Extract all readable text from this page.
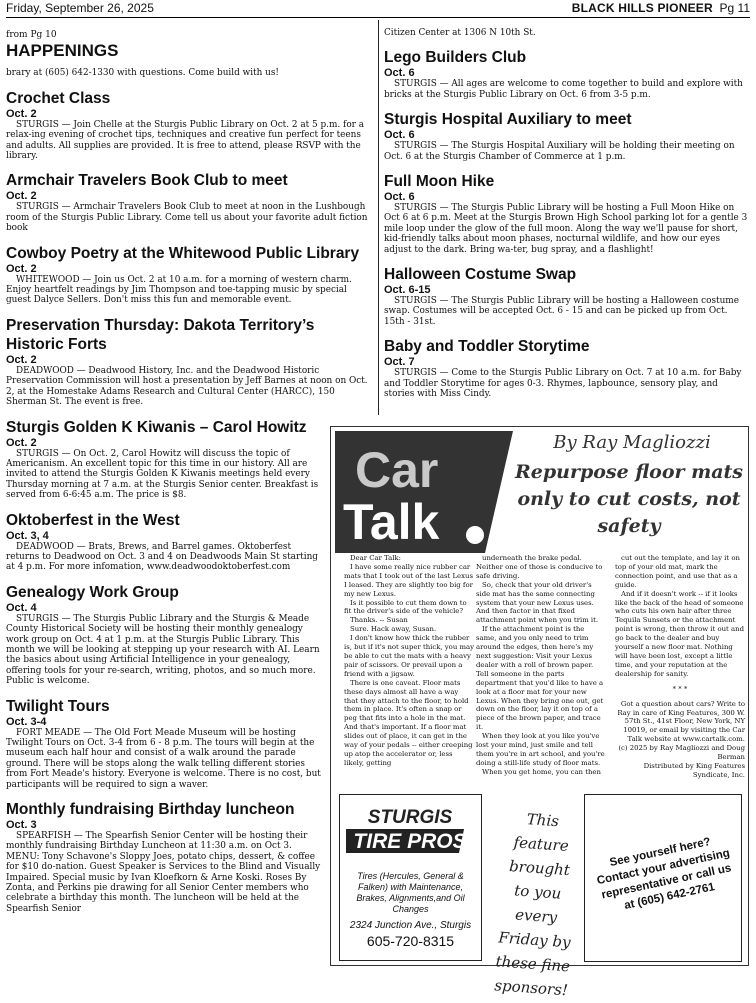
Friday, September 26, 2025	BLACK HILLS PIONEER Pg 11
from Pg 10
HAPPENINGS

brary at (605) 642-1330 with questions. Come build with us!

Crochet Class
Oct. 2

STURGIS — Join Chelle at the Sturgis Public Library on Oct. 2 at 5 p.m. for a relax-ing evening of crochet tips, techniques and creative fun perfect for teens and adults. All supplies are provided. It is free to attend, please RSVP with the library.

Armchair Travelers Book Club to meet
Oct. 2

STURGIS — Armchair Travelers Book Club to meet at noon in the Lushbough room of the Sturgis Public Library. Come tell us about your favorite adult fiction book

Cowboy Poetry at the Whitewood Public Library
Oct. 2

WHITEWOOD — Join us Oct. 2 at 10 a.m. for a morning of western charm. Enjoy heartfelt readings by Jim Thompson and toe-tapping music by special guest Dalyce Sellers. Don't miss this fun and memorable event.

Preservation Thursday: Dakota Territory’s Historic Forts
Oct. 2

DEADWOOD — Deadwood History, Inc. and the Deadwood Historic Preservation Commission will host a presentation by Jeff Barnes at noon on Oct. 2, at the Homestake Adams Research and Cultural Center (HARCC), 150 Sherman St. The event is free.

Sturgis Golden K Kiwanis – Carol Howitz
Oct. 2

STURGIS — On Oct. 2, Carol Howitz will discuss the topic of Americanism. An excellent topic for this time in our history. All are invited to attend the Sturgis Golden K Kiwanis meetings held every Thursday morning at 7 a.m. at the Sturgis Senior center. Breakfast is served from 6-6:45 a.m. The price is $8.

Oktoberfest in the West
Oct. 3, 4

DEADWOOD — Brats, Brews, and Barrel games. Oktoberfest returns to Deadwood on Oct. 3 and 4 on Deadwoods Main St starting at 4 p.m. For more infomation, www.deadwoodoktoberfest.com

Genealogy Work Group
Oct. 4

STURGIS — The Sturgis Public Library and the Sturgis & Meade County Historical Society will be hosting their monthly genealogy work group on Oct. 4 at 1 p.m. at the Sturgis Public Library. This month we will be looking at stepping up your research with AI. Learn the basics about using Artificial Intelligence in your genealogy, offering tools for your re-search, writing, photos, and so much more. Public is welcome.

Twilight Tours
Oct. 3-4

FORT MEADE — The Old Fort Meade Museum will be hosting Twilight Tours on Oct. 3-4 from 6 - 8 p.m. The tours will begin at the museum each half hour and consist of a walk around the parade ground. There will be stops along the walk telling different stories from Fort Meade's history. Everyone is welcome. There is no cost, but participants will be required to sign a waver.

Monthly fundraising Birthday luncheon
Oct. 3

SPEARFISH — The Spearfish Senior Center will be hosting their monthly fundraising Birthday Luncheon at 11:30 a.m. on Oct 3. MENU: Tony Schavone's Sloppy Joes, potato chips, dessert, & coffee for $10 do-nation. Guest Speaker is Services to the Blind and Visually Impaired. Special music by Ivan Kloefkorn & Arne Koski. Roses By Zonta, and Perkins pie drawing for all Senior Center members who celebrate a birthday this month. The luncheon will be held at the Spearfish Senior

Citizen Center at 1306 N 10th St.

Lego Builders Club
Oct. 6

STURGIS — All ages are welcome to come together to build and explore with bricks at the Sturgis Public Library on Oct. 6 from 3-5 p.m.

Sturgis Hospital Auxiliary to meet
Oct. 6

STURGIS — The Sturgis Hospital Auxiliary will be holding their meeting on Oct. 6 at the Sturgis Chamber of Commerce at 1 p.m.

Full Moon Hike
Oct. 6

STURGIS — The Sturgis Public Library will be hosting a Full Moon Hike on Oct 6 at 6 p.m. Meet at the Sturgis Brown High School parking lot for a gentle 3 mile loop under the glow of the full moon. Along the way we'll pause for short, kid-friendly talks about moon phases, nocturnal wildlife, and how our eyes adjust to the dark. Bring wa-ter, bug spray, and a flashlight!

Halloween Costume Swap
Oct. 6-15

STURGIS — The Sturgis Public Library will be hosting a Halloween costume swap. Costumes will be accepted Oct. 6 - 15 and can be picked up from Oct. 15th - 31st.

Baby and Toddler Storytime
Oct. 7

STURGIS — Come to the Sturgis Public Library on Oct. 7 at 10 a.m. for Baby and Toddler Storytime for ages 0-3. Rhymes, lapbounce, sensory play, and stories with Miss Cindy.

Car
Talk
By Ray Magliozzi
Repurpose floor mats only to cut costs, not safety

Dear Car Talk:

I have some really nice rubber car mats that I took out of the last Lexus I leased. They are slightly too big for my new Lexus.

Is it possible to cut them down to fit the driver's side of the vehicle?

Thanks. -- Susan

Sure. Hack away, Susan.

I don't know how thick the rubber is, but if it's not super thick, you may be able to cut the mats with a heavy pair of scissors. Or prevail upon a friend with a jigsaw.

There is one caveat. Floor mats these days almost all have a way that they attach to the floor, to hold them in place. It's often a snap or peg that fits into a hole in the mat. And that's important. If a floor mat slides out of place, it can get in the way of your pedals -- either creeping up atop the accelerator or, less likely, getting

underneath the brake pedal. Neither one of those is conducive to safe driving.

So, check that your old driver's side mat has the same connecting system that your new Lexus uses. And then factor in that fixed attachment point when you trim it.

If the attachment point is the same, and you only need to trim around the edges, then here's my next suggestion: Visit your Lexus dealer with a roll of brown paper. Tell someone in the parts department that you'd like to have a look at a floor mat for your new Lexus. When they bring one out, get down on the floor, lay it on top of a piece of the brown paper, and trace it.

When they look at you like you've lost your mind, just smile and tell them you're in art school, and you're doing a still-life study of floor mats.

When you get home, you can then

cut out the template, and lay it on top of your old mat, mark the connection point, and use that as a guide.

And if it doesn't work -- if it looks like the back of the head of someone who cuts his own hair after three Tequila Sunsets or the attachment point is wrong, then throw it out and go back to the dealer and buy yourself a new floor mat. Nothing will have been lost, except a little time, and your reputation at the dealership for sanity.

* * *

Got a question about cars? Write to Ray in care of King Features, 300 W. 57th St., 41st Floor, New York, NY 10019, or email by visiting the Car Talk website at www.cartalk.com.

(c) 2025 by Ray Magliozzi and Doug Berman

Distributed by King Features Syndicate, Inc.

STURGIS
TIRE PROS
Tires (Hercules, General & Falken) with Maintenance, Brakes, Alignments,and Oil Changes
2324 Junction Ave., Sturgis
605-720-8315
This feature brought to you every Friday by these fine sponsors!
See yourself here? Contact your advertising representative or call us at (605) 642-2761
